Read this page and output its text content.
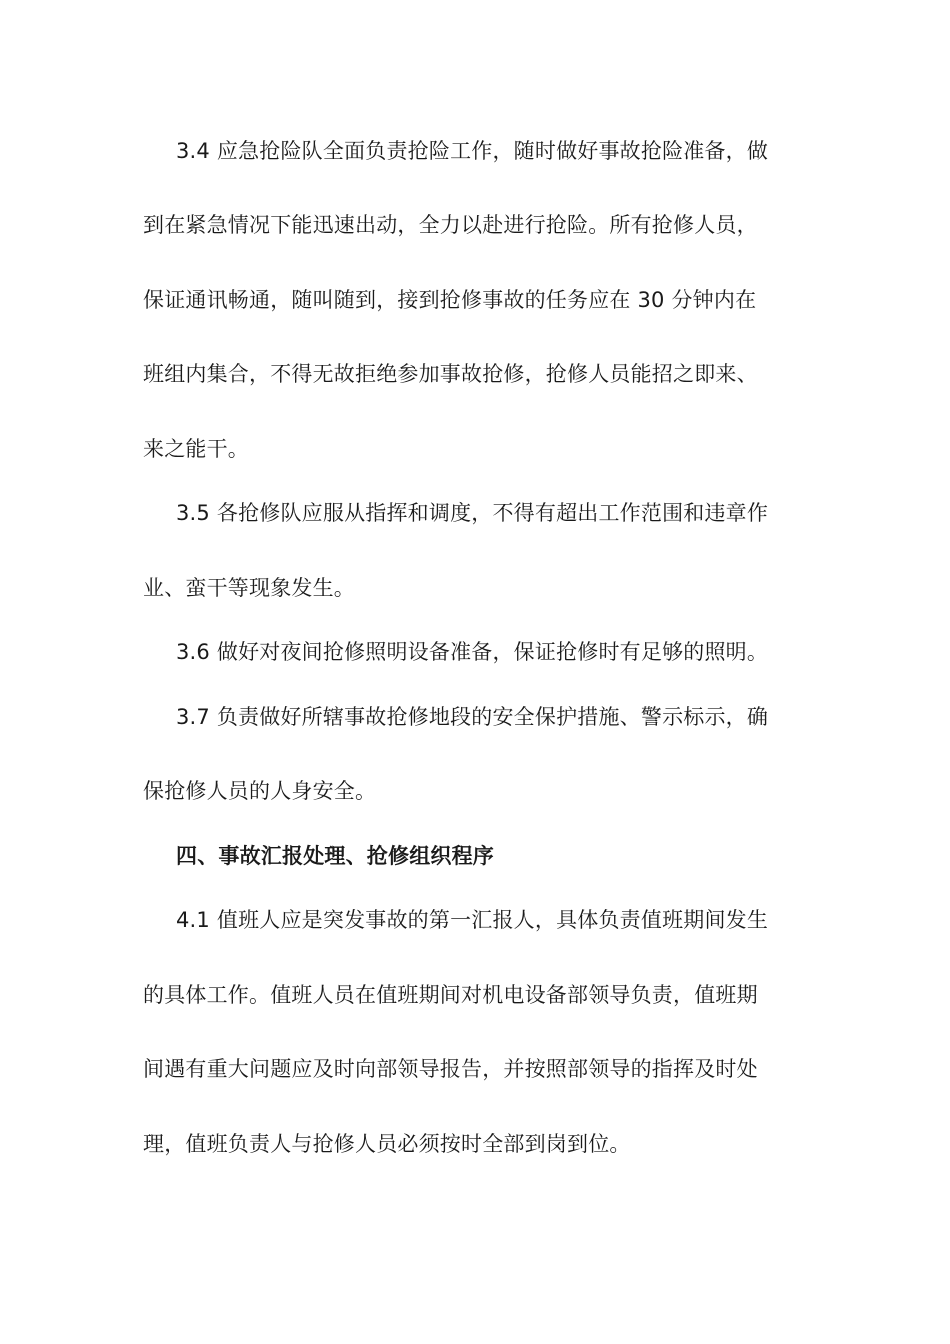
3.4 应急抢险队全面负责抢险工作，随时做好事故抢险准备，做
到在紧急情况下能迅速出动，全力以赴进行抢险。所有抢修人员，
保证通讯畅通，随叫随到，接到抢修事故的任务应在 30 分钟内在
班组内集合，不得无故拒绝参加事故抢修，抢修人员能招之即来、
来之能干。
3.5 各抢修队应服从指挥和调度，不得有超出工作范围和违章作
业、蛮干等现象发生。
3.6 做好对夜间抢修照明设备准备，保证抢修时有足够的照明。
3.7 负责做好所辖事故抢修地段的安全保护措施、警示标示，确
保抢修人员的人身安全。
四、事故汇报处理、抢修组织程序
4.1 值班人应是突发事故的第一汇报人，具体负责值班期间发生
的具体工作。值班人员在值班期间对机电设备部领导负责，值班期
间遇有重大问题应及时向部领导报告，并按照部领导的指挥及时处
理，值班负责人与抢修人员必须按时全部到岗到位。
